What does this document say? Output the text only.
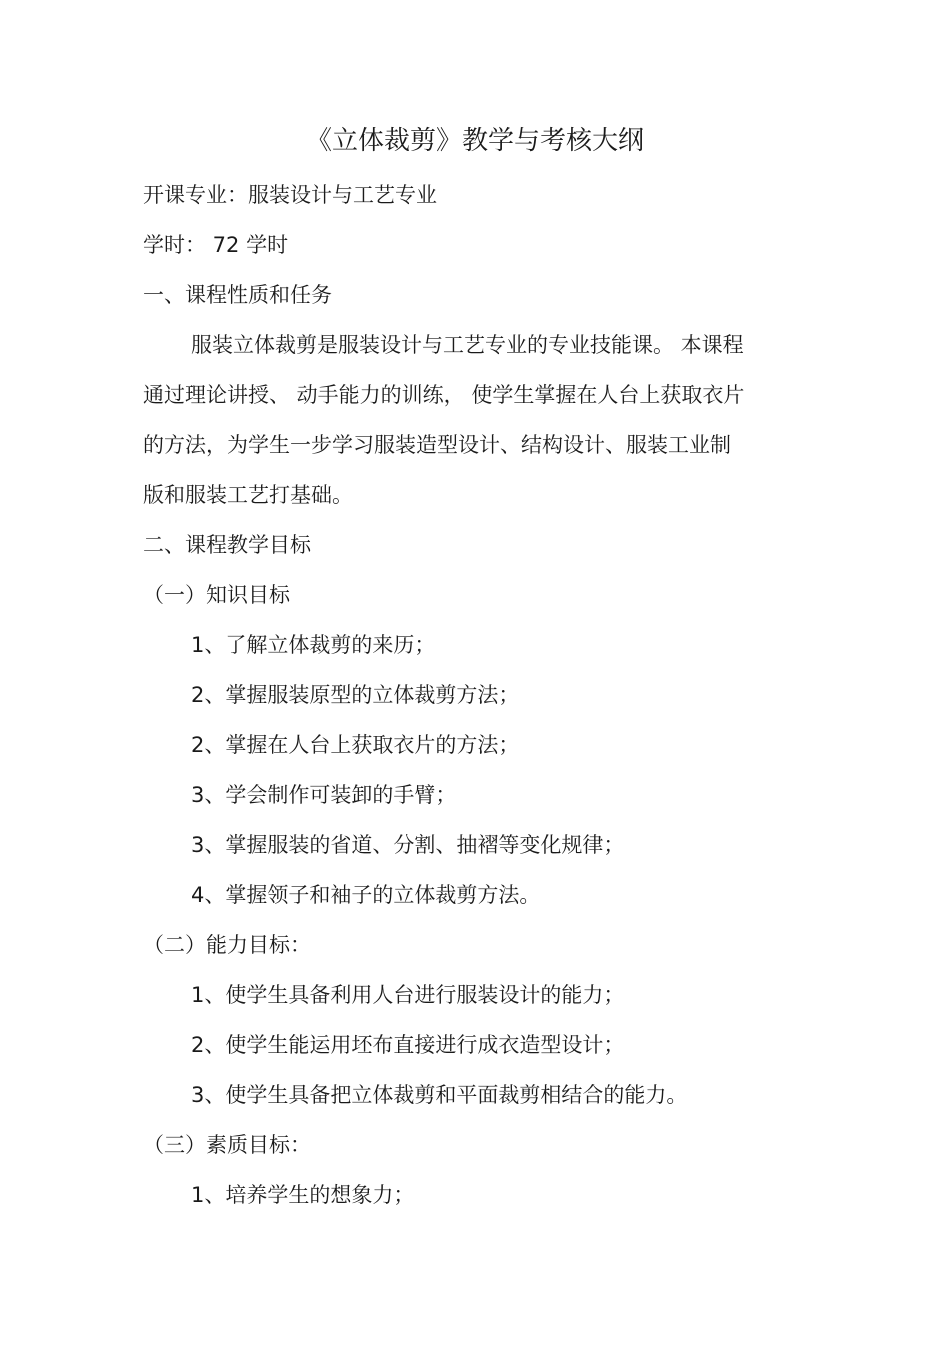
《立体裁剪》教学与考核大纲
开课专业：服装设计与工艺专业
学时： 72 学时
一、课程性质和任务
服装立体裁剪是服装设计与工艺专业的专业技能课。 本课程
通过理论讲授、 动手能力的训练， 使学生掌握在人台上获取衣片
的方法，为学生一步学习服装造型设计、结构设计、服装工业制
版和服装工艺打基础。
二、课程教学目标
（一）知识目标
1、了解立体裁剪的来历；
2、掌握服装原型的立体裁剪方法；
2、掌握在人台上获取衣片的方法；
3、学会制作可装卸的手臂；
3、掌握服装的省道、分割、抽褶等变化规律；
4、掌握领子和袖子的立体裁剪方法。
（二）能力目标：
1、使学生具备利用人台进行服装设计的能力；
2、使学生能运用坯布直接进行成衣造型设计；
3、使学生具备把立体裁剪和平面裁剪相结合的能力。
（三）素质目标：
1、培养学生的想象力；
